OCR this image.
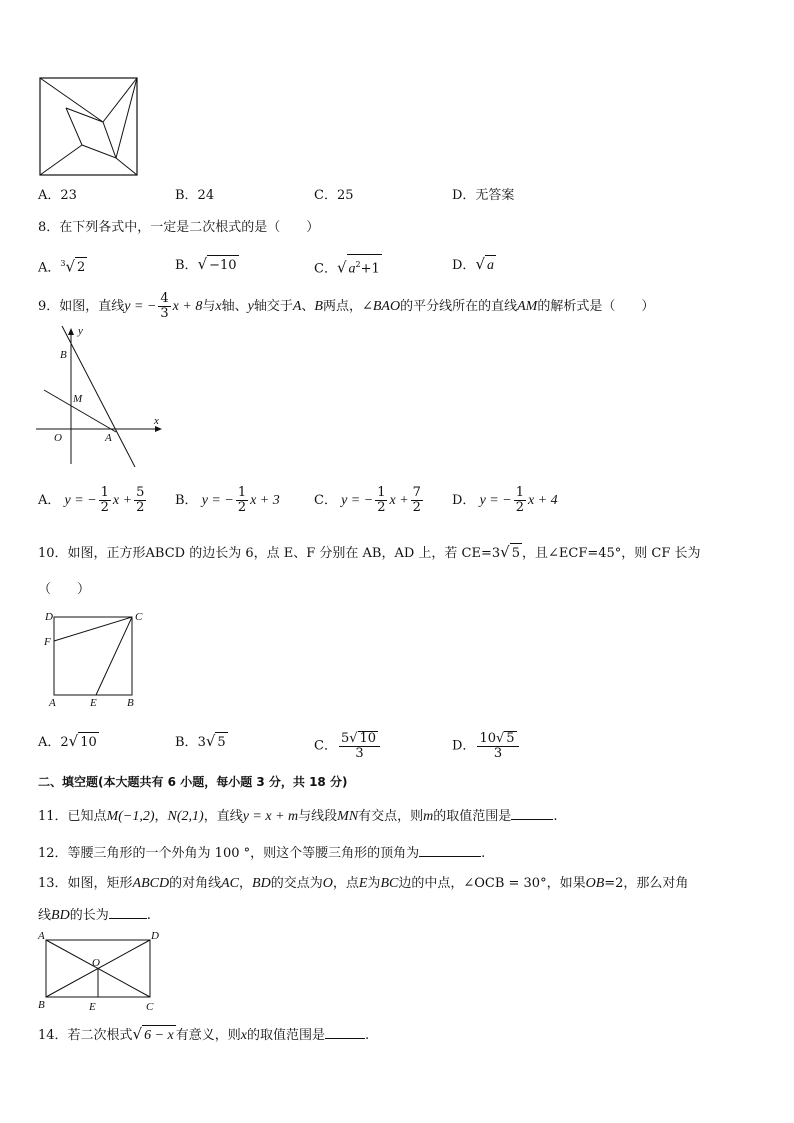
A．23	B．24	C．25	D．无答案
8．在下列各式中，一定是二次根式的是（　　）
A．$^3$√ 2	B．√ −10	C．√ $a^2+1$	D．√ a
9．如图，直线y = − $\frac{4}{3}$ x + 8与x轴、y轴交于A、B两点，∠BAO的平分线所在的直线AM的解析式是（　　）
y
x
B
M
O	A
A． y = − $\frac{1}{2}$ $x + \frac{5}{2}$ B． y = − $\frac{1}{2}$ x + 3	C． y = − $\frac{1}{2}$ $x + \frac{7}{2}$ D． y = − $\frac{1}{2}$ x + 4
10．如图，正方形ABCD 的边长为 6，点 E、F 分别在 AB，AD 上，若 CE=3√ 5 ，且∠ECF=45°，则 CF 长为
（　　）
D	C
F
A	E	B
A．2√ 10	B．3√ 5	C． $\frac{5√ 10}{3}$	D． $\frac{10√ 5}{3}$
二、填空题(本大题共有 6 小题，每小题 3 分，共 18 分)
11．已知点M(−1,2)，N(2,1)，直线y = x + m与线段MN有交点，则m的取值范围是	.
12．等腰三角形的一个外角为 100 °，则这个等腰三角形的顶角为	.
13．如图，矩形ABCD的对角线AC，BD的交点为O，点E为BC边的中点，∠OCB = 30°，如果OB=2，那么对角
线BD的长为	.
A	D
O
B	E	C
14．若二次根式√ 6 − x 有意义，则x的取值范围是	.
